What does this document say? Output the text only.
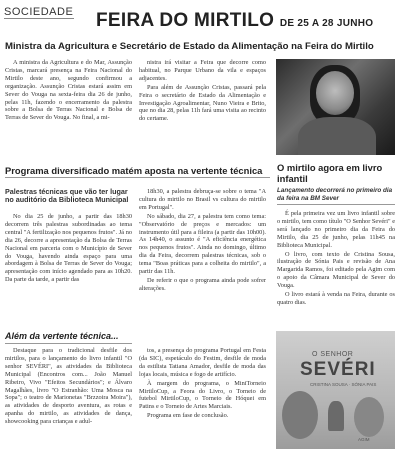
SOCIEDADE FEIRA DO MIRTILO DE 25 A 28 JUNHO
Ministra da Agricultura e Secretário de Estado da Alimentação na Feira do Mirtilo

A ministra da Agricultura e do Mar, Assunção Cristas, marcará presença na Feira Nacional do Mirtilo deste ano, segundo confirmou a organização. Assunção Cristas estará assim em Sever do Vouga na sexta-feira dia 26 de junho, pelas 11h, fazendo o encerramento da palestra sobre a Bolsa de Terras Nacional e Bolsa de Terras de Sever do Vouga. No final, a mi-

nistra irá visitar a Feira que decorre como habitual, no Parque Urbano da vila e espaços adjacentes.

Para além de Assunção Cristas, passará pela Feira o secretário de Estado da Alimentação e Investigação Agroalimentar, Nuno Vieira e Brito, que no dia 28, pelas 11h fará uma visita ao recinto do certame.

Programa diversificado matém aposta na vertente técnica
Palestras técnicas que vão ter lugar no auditório da Biblioteca Municipal

No dia 25 de junho, a partir das 18h30 decorrem três palestras subordinadas ao tema central "A fertilização nos pequenos frutos". Já no dia 26, decorre a apresentação da Bolsa de Terras Nacional em parceria com o Município de Sever do Vouga, havendo ainda espaço para uma abordagem à Bolsa de Terras de Sever do Vouga; apresentação com início agendado para as 10h20. Da parte da tarde, a partir das

18h30, a palestra debruça-se sobre o tema "A cultura do mirtilo no Brasil vs cultura do mirtilo em Portugal".

No sábado, dia 27, a palestra tem como tema: "Observatório de preços e mercados: um instrumento útil para a fileira (a partir das 10h00). As 14h40, o assunto é "A eficiência energética nos pequenos frutos". Ainda no domingo, último dia da Feira, decorrem palestras técnicas, sob o tema "Boas práticas para a colheita do mirtilo", a partir das 11h.

De referir o que o programa ainda pode sofrer alterações.

O mirtilo agora em livro infantil
Lançamento decorrerá no primeiro dia da feira na BM Sever

É pela primeira vez um livro infantil sobre o mirtilo, tem como título "O Senhor Sevéri" e será lançado no primeiro dia da Feira do Mirtilo, dia 25 de junho, pelas 11h45 na Biblioteca Municipal.

O livro, com texto de Cristina Sousa, ilustração de Sónia Pais e revisão de Ana Margarida Ramos, foi editado pela Agim com o apoio da Câmara Municipal de Sever do Vouga.

O livro estará à venda na Feira, durante os quatro dias.

Além da vertente técnica...

Destaque para o tradicional desfile dos mirtilos, para o lançamento do livro infantil "O senhor SEVÉRI", as atividades da Biblioteca Municipal (Encontros com... João Manuel Ribeiro, Vivo "Efeitos Secundários"; e Álvaro Magalhães, livro "O Estranhão: Uma Mosca na Sopa"; o teatro de Marionetas "Brzzoira Moira"), as atividades de desporto aventura, as rotas e apanha do mirtilo, as atividades de dança, showcooking para crianças e adul-

tos, a presença do programa Portugal em Festa (da SIC), espetáculo do Festim, desfile de moda da estilista Tatiana Amador, desfile de moda das lojas locais, música e fogo de artifício.

À margem do programa, o MiniTorneio MirtiloCup, a Feora do Livro, o Torneio de futebol MirtiloCup, o Torneio de Hóquei em Patins e o Torneio de Artes Marciais.

Programa em fase de conclusão.

O SENHOR
SEVÉRI
CRISTINA SOUSA · SÓNIA PAIS
AGIM
